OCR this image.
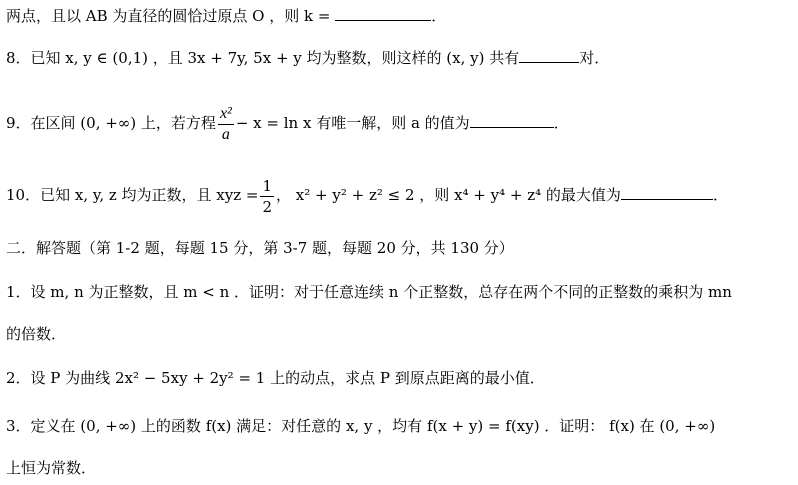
两点，且以 AB 为直径的圆恰过原点 O ，则 k =	．
8．已知 x, y ∈ (0,1) ，且 3x + 7y, 5x + y 均为整数，则这样的 (x, y) 共有	对．
9．在区间 (0, +∞) 上，若方程 $\frac{\text{x²}}{a} - x = \ln x$ 有唯一解，则 a 的值为	．
10．已知 x, y, z 均为正数，且 xyz = $\frac{1}{2}$ ， x² + y² + z² ≤ 2 ，则 x⁴ + y⁴ + z⁴ 的最大值为	．
二．解答题（第 1-2 题，每题 15 分，第 3-7 题，每题 20 分，共 130 分）
1．设 m, n 为正整数，且 m < n ．证明：对于任意连续 n 个正整数，总存在两个不同的正整数的乘积为 mn
的倍数．
2．设 P 为曲线 2x² − 5xy + 2y² = 1 上的动点，求点 P 到原点距离的最小值．
3．定义在 (0, +∞) 上的函数 f(x) 满足：对任意的 x, y ，均有 f(x + y) = f(xy) ．证明： f(x) 在 (0, +∞)
上恒为常数．
